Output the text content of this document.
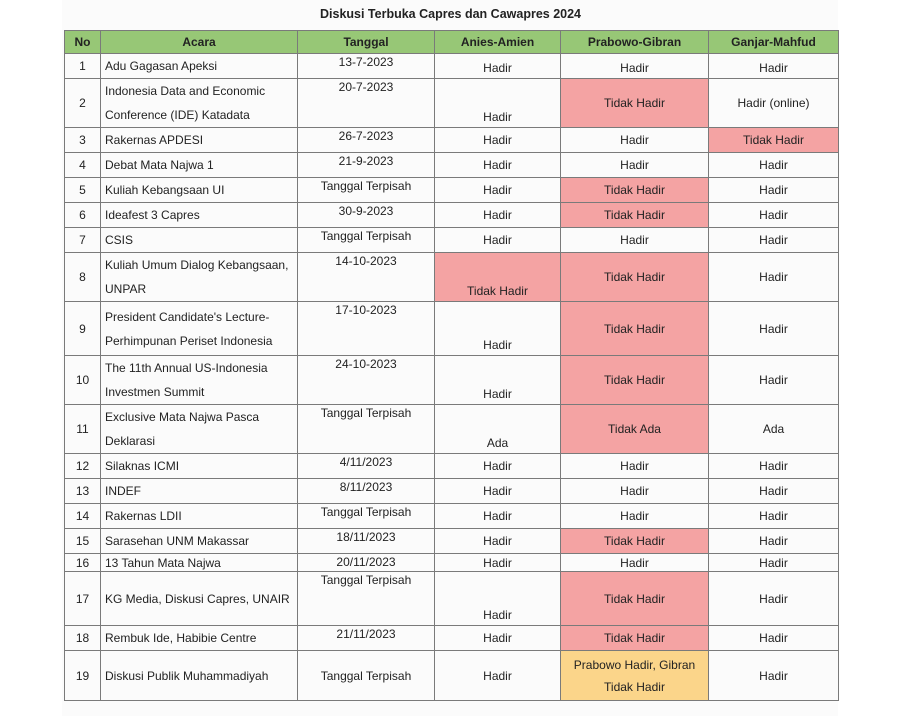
Diskusi Terbuka Capres dan Cawapres 2024
No	Acara	Tanggal	Anies-Amien	Prabowo-Gibran	Ganjar-Mahfud
1	Adu Gagasan Apeksi	13-7-2023	Hadir	Hadir	Hadir
2	Indonesia Data and Economic Conference (IDE) Katadata	20-7-2023	Hadir	Tidak Hadir	Hadir (online)
3	Rakernas APDESI	26-7-2023	Hadir	Hadir	Tidak Hadir
4	Debat Mata Najwa 1	21-9-2023	Hadir	Hadir	Hadir
5	Kuliah Kebangsaan UI	Tanggal Terpisah	Hadir	Tidak Hadir	Hadir
6	Ideafest 3 Capres	30-9-2023	Hadir	Tidak Hadir	Hadir
7	CSIS	Tanggal Terpisah	Hadir	Hadir	Hadir
8	Kuliah Umum Dialog Kebangsaan, UNPAR	14-10-2023	Tidak Hadir	Tidak Hadir	Hadir
9	President Candidate's Lecture- Perhimpunan Periset Indonesia	17-10-2023	Hadir	Tidak Hadir	Hadir
10	The 11th Annual US-Indonesia Investmen Summit	24-10-2023	Hadir	Tidak Hadir	Hadir
11	Exclusive Mata Najwa Pasca Deklarasi	Tanggal Terpisah	Ada	Tidak Ada	Ada
12	Silaknas ICMI	4/11/2023	Hadir	Hadir	Hadir
13	INDEF	8/11/2023	Hadir	Hadir	Hadir
14	Rakernas LDII	Tanggal Terpisah	Hadir	Hadir	Hadir
15	Sarasehan UNM Makassar	18/11/2023	Hadir	Tidak Hadir	Hadir
16	13 Tahun Mata Najwa	20/11/2023	Hadir	Hadir	Hadir
17	KG Media, Diskusi Capres, UNAIR	Tanggal Terpisah	Hadir	Tidak Hadir	Hadir
18	Rembuk Ide, Habibie Centre	21/11/2023	Hadir	Tidak Hadir	Hadir
19	Diskusi Publik Muhammadiyah	Tanggal Terpisah	Hadir	Prabowo Hadir, Gibran Tidak Hadir	Hadir
